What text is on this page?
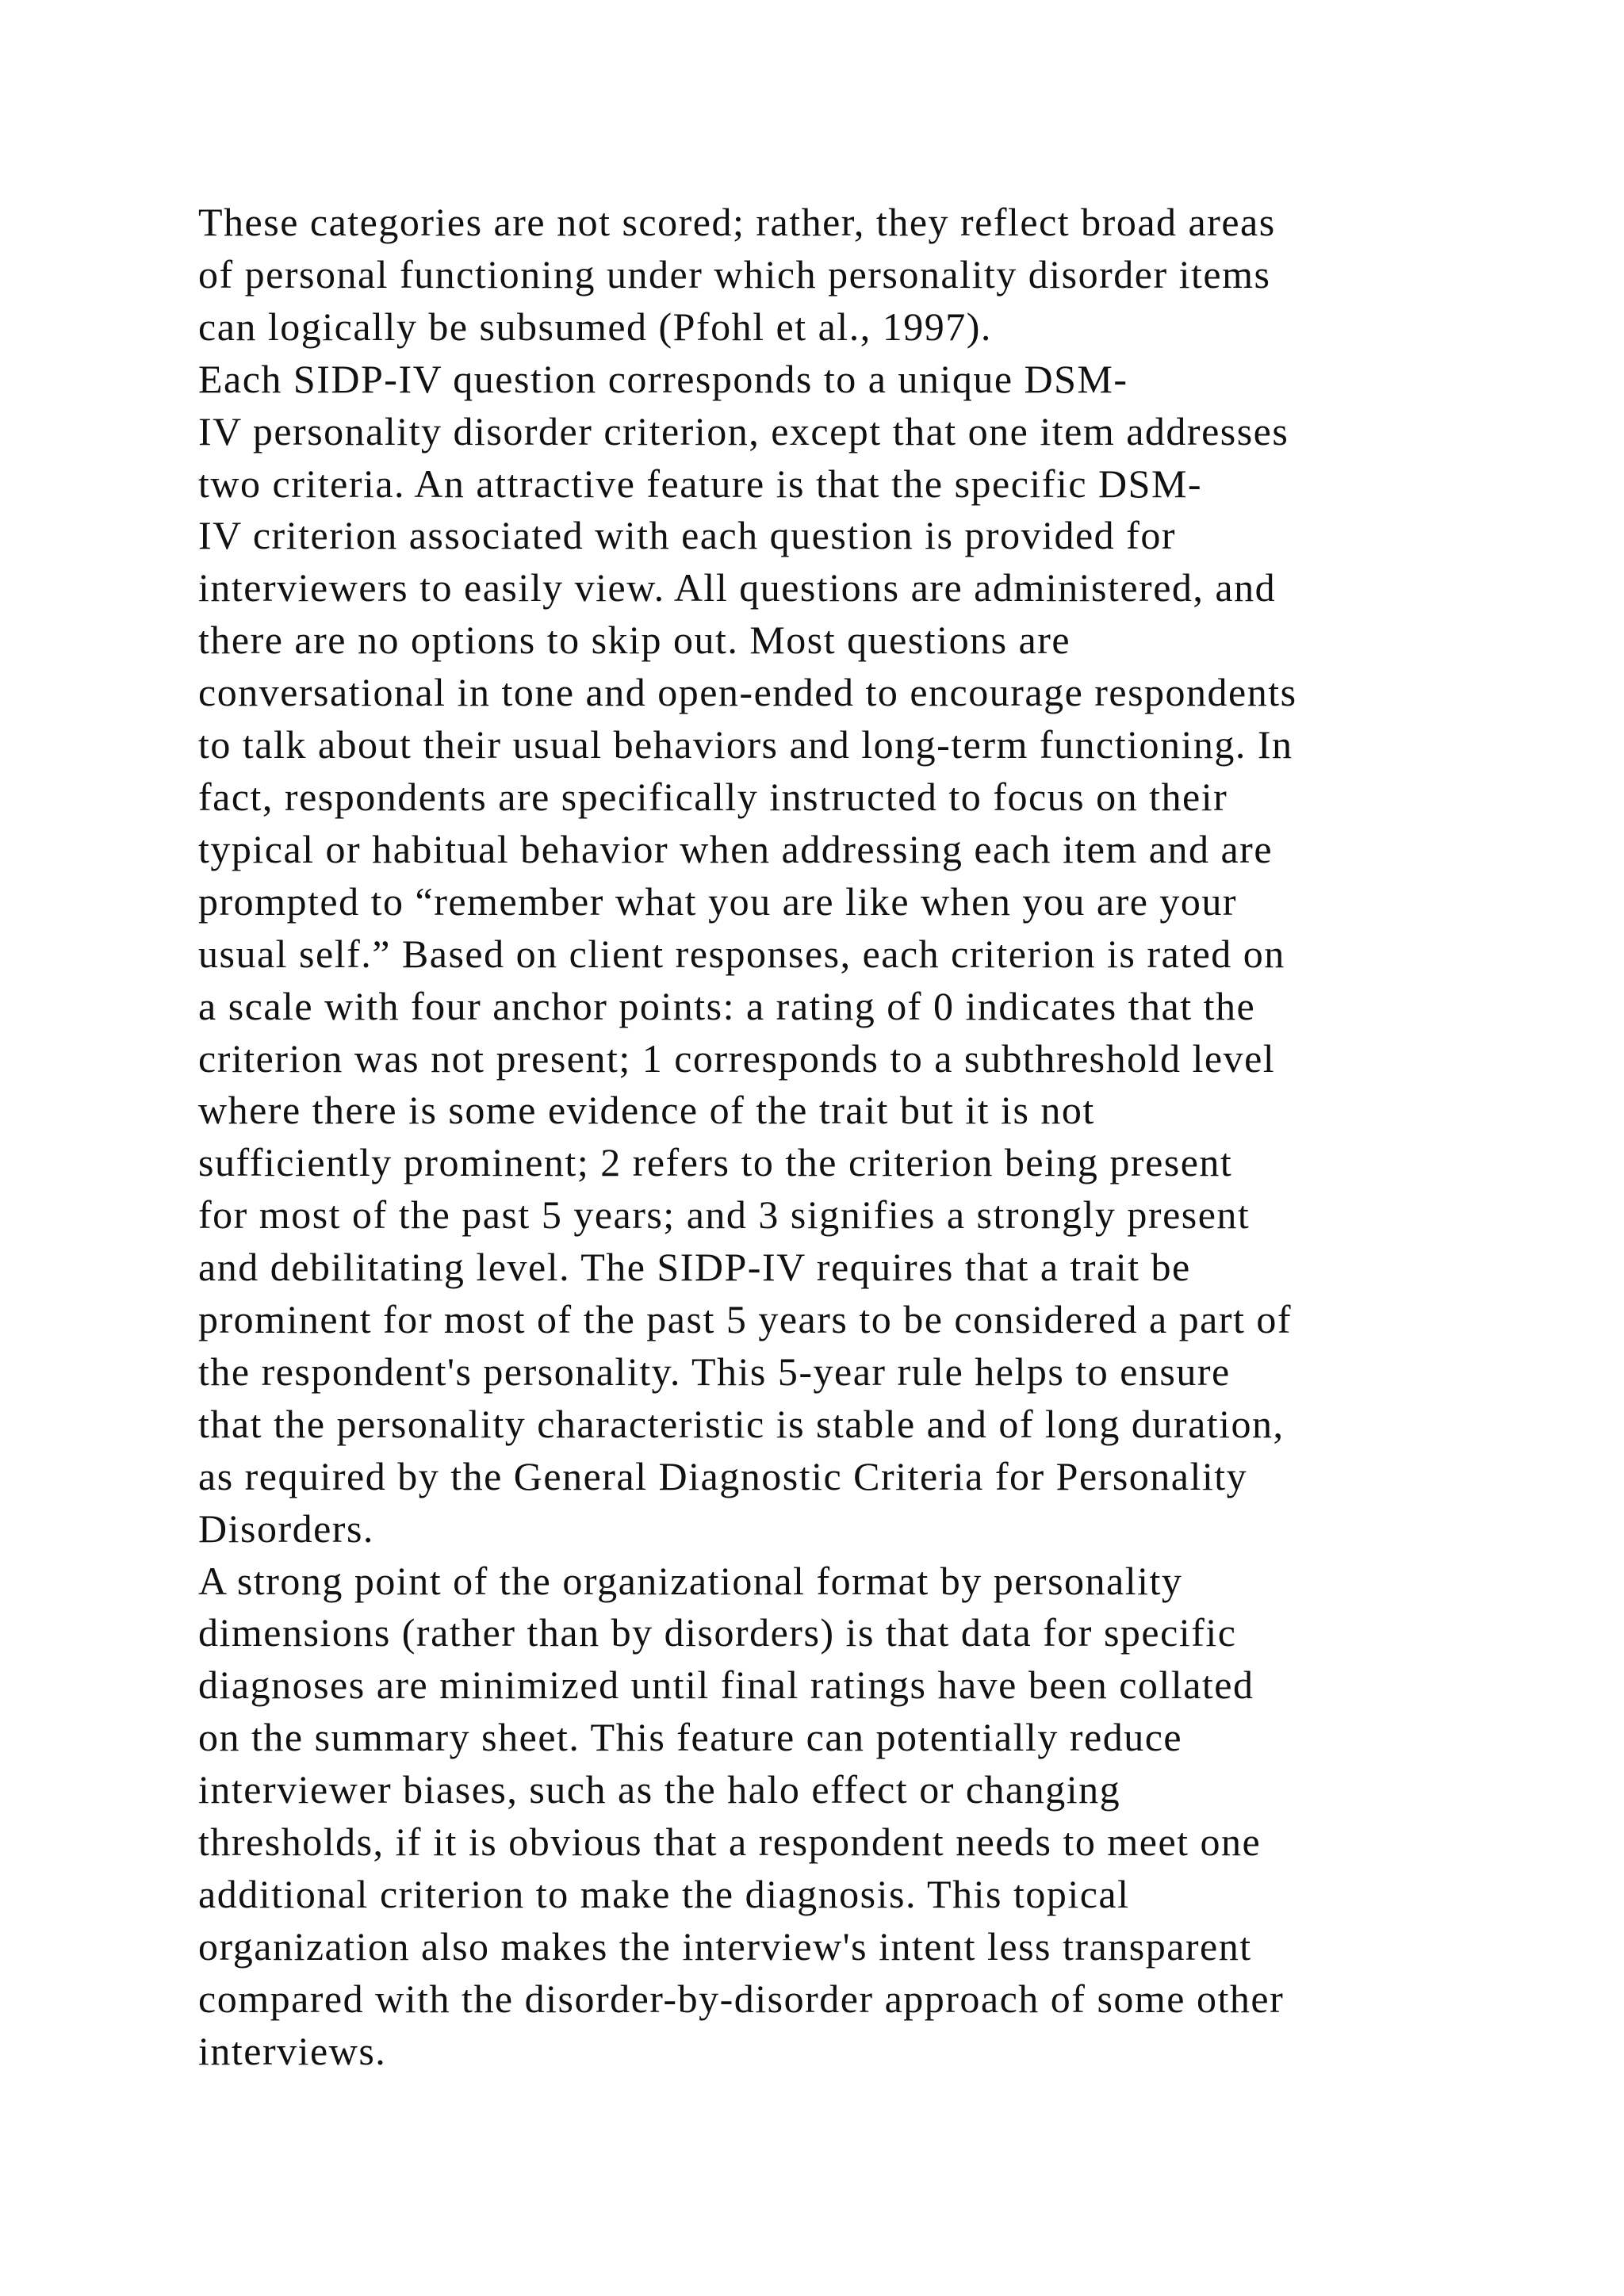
These categories are not scored; rather, they reflect broad areas
of personal functioning under which personality disorder items
can logically be subsumed (Pfohl et al., 1997).
Each SIDP-IV question corresponds to a unique DSM-
IV personality disorder criterion, except that one item addresses
two criteria. An attractive feature is that the specific DSM-
IV criterion associated with each question is provided for
interviewers to easily view. All questions are administered, and
there are no options to skip out. Most questions are
conversational in tone and open-ended to encourage respondents
to talk about their usual behaviors and long-term functioning. In
fact, respondents are specifically instructed to focus on their
typical or habitual behavior when addressing each item and are
prompted to “remember what you are like when you are your
usual self.” Based on client responses, each criterion is rated on
a scale with four anchor points: a rating of 0 indicates that the
criterion was not present; 1 corresponds to a subthreshold level
where there is some evidence of the trait but it is not
sufficiently prominent; 2 refers to the criterion being present
for most of the past 5 years; and 3 signifies a strongly present
and debilitating level. The SIDP-IV requires that a trait be
prominent for most of the past 5 years to be considered a part of
the respondent's personality. This 5-year rule helps to ensure
that the personality characteristic is stable and of long duration,
as required by the General Diagnostic Criteria for Personality
Disorders.
A strong point of the organizational format by personality
dimensions (rather than by disorders) is that data for specific
diagnoses are minimized until final ratings have been collated
on the summary sheet. This feature can potentially reduce
interviewer biases, such as the halo effect or changing
thresholds, if it is obvious that a respondent needs to meet one
additional criterion to make the diagnosis. This topical
organization also makes the interview's intent less transparent
compared with the disorder-by-disorder approach of some other
interviews.
